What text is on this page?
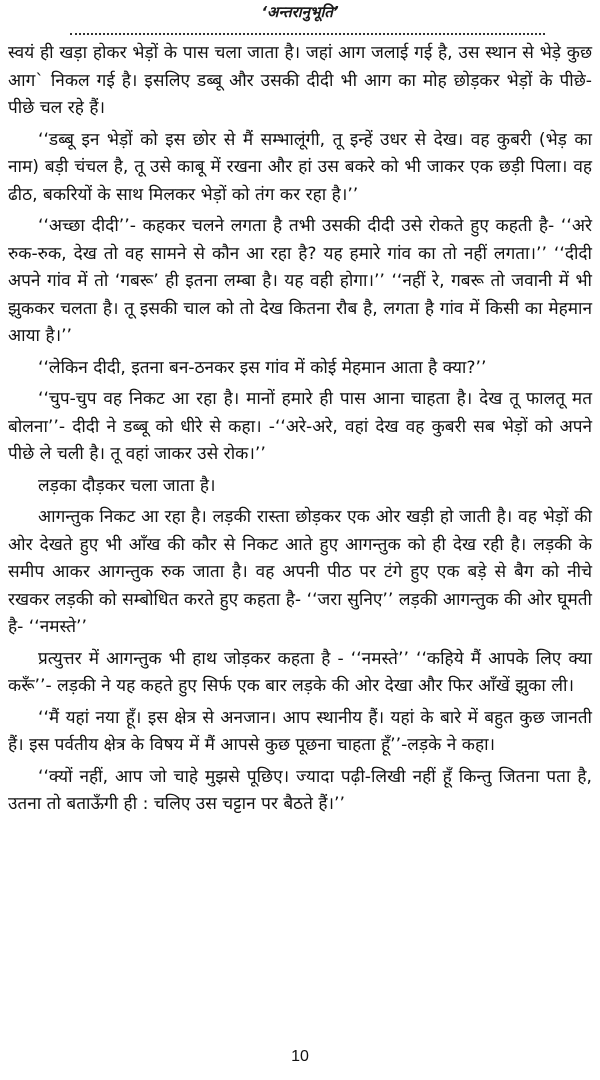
‘अन्तरानुभूति’

स्वयं ही खड़ा होकर भेड़ों के पास चला जाता है। जहां आग जलाई गई है, उस स्थान से भेड़े कुछ आग` निकल गई है। इसलिए डब्बू और उसकी दीदी भी आग का मोह छोड़कर भेड़ों के पीछे-पीछे चल रहे हैं।

‘‘डब्बू इन भेड़ों को इस छोर से मैं सम्भालूंगी, तू इन्हें उधर से देख। वह कुबरी (भेड़ का नाम) बड़ी चंचल है, तू उसे काबू में रखना और हां उस बकरे को भी जाकर एक छड़ी पिला। वह ढीठ, बकरियों के साथ मिलकर भेड़ों को तंग कर रहा है।’’

‘‘अच्छा दीदी’’- कहकर चलने लगता है तभी उसकी दीदी उसे रोकते हुए कहती है- ‘‘अरे रुक-रुक, देख तो वह सामने से कौन आ रहा है? यह हमारे गांव का तो नहीं लगता।’’ ‘‘दीदी अपने गांव में तो ‘गबरू’ ही इतना लम्बा है। यह वही होगा।’’ ‘‘नहीं रे, गबरू तो जवानी में भी झुककर चलता है। तू इसकी चाल को तो देख कितना रौब है, लगता है गांव में किसी का मेहमान आया है।’’

‘‘लेकिन दीदी, इतना बन-ठनकर इस गांव में कोई मेहमान आता है क्या?’’

‘‘चुप-चुप वह निकट आ रहा है। मानों हमारे ही पास आना चाहता है। देख तू फालतू मत बोलना’’- दीदी ने डब्बू को धीरे से कहा। -‘‘अरे-अरे, वहां देख वह कुबरी सब भेड़ों को अपने पीछे ले चली है। तू वहां जाकर उसे रोक।’’

लड़का दौड़कर चला जाता है।

आगन्तुक निकट आ रहा है। लड़की रास्ता छोड़कर एक ओर खड़ी हो जाती है। वह भेड़ों की ओर देखते हुए भी आँख की कौर से निकट आते हुए आगन्तुक को ही देख रही है। लड़की के समीप आकर आगन्तुक रुक जाता है। वह अपनी पीठ पर टंगे हुए एक बड़े से बैग को नीचे रखकर लड़की को सम्बोधित करते हुए कहता है- ‘‘जरा सुनिए’’ लड़की आगन्तुक की ओर घूमती है- ‘‘नमस्ते’’

प्रत्युत्तर में आगन्तुक भी हाथ जोड़कर कहता है - ‘‘नमस्ते’’ ‘‘कहिये मैं आपके लिए क्या करूँ’’- लड़की ने यह कहते हुए सिर्फ एक बार लड़के की ओर देखा और फिर आँखें झुका ली।

‘‘मैं यहां नया हूँ। इस क्षेत्र से अनजान। आप स्थानीय हैं। यहां के बारे में बहुत कुछ जानती हैं। इस पर्वतीय क्षेत्र के विषय में मैं आपसे कुछ पूछना चाहता हूँ’’-लड़के ने कहा।

‘‘क्यों नहीं, आप जो चाहे मुझसे पूछिए। ज्यादा पढ़ी-लिखी नहीं हूँ किन्तु जितना पता है, उतना तो बताऊँगी ही : चलिए उस चट्टान पर बैठते हैं।’’

10
